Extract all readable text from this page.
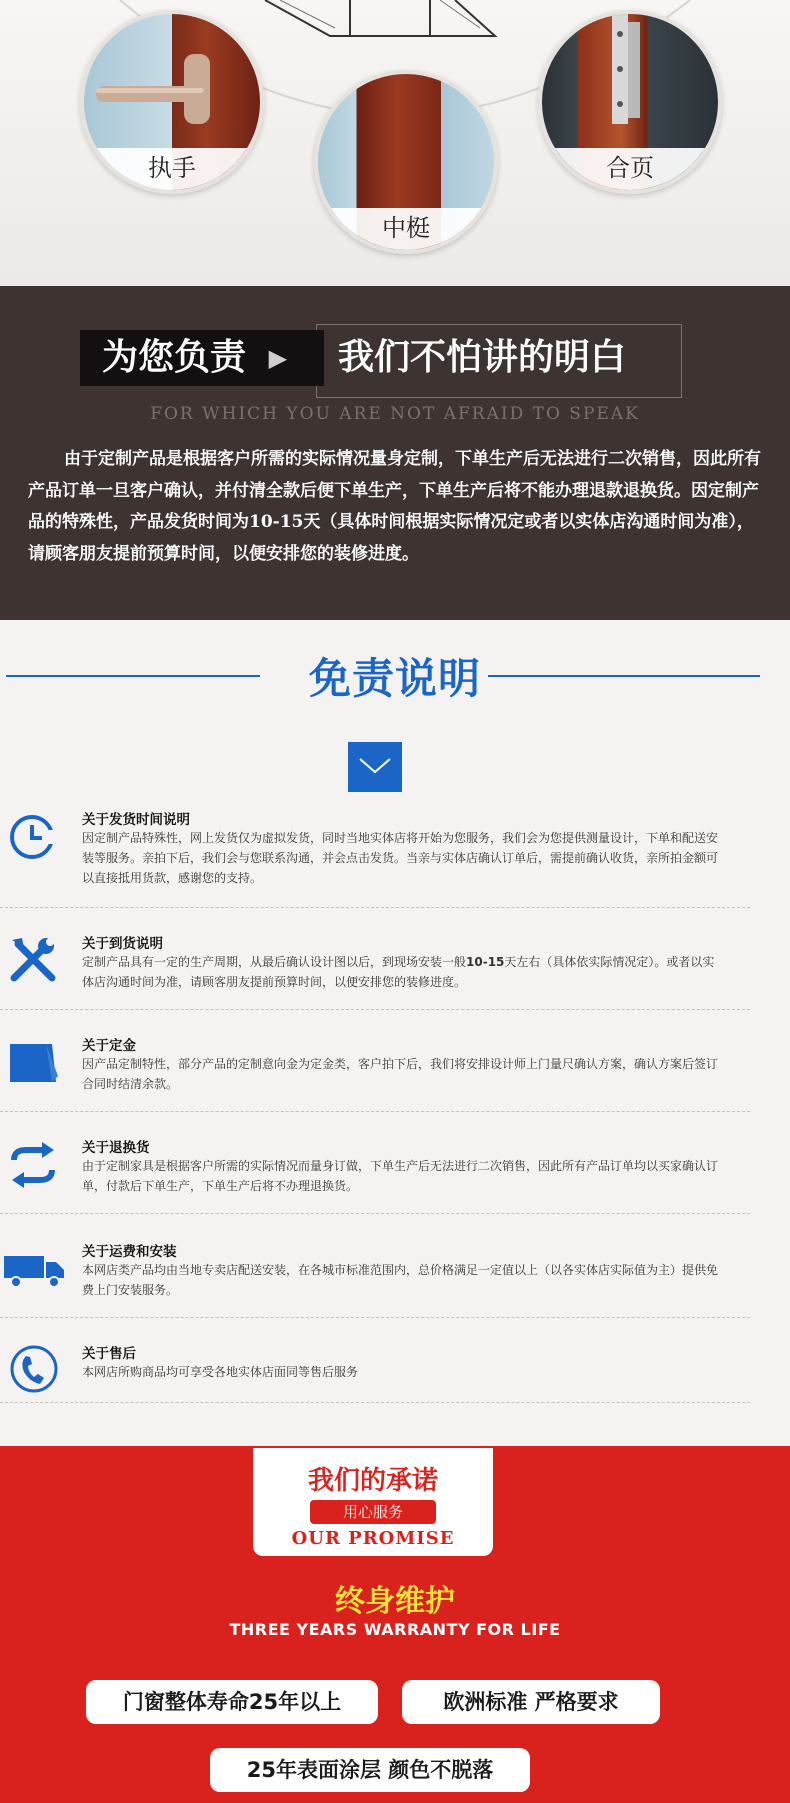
执手
中梃
合页
为您负责 ▶	我们不怕讲的明白
FOR WHICH YOU ARE NOT AFRAID TO SPEAK
由于定制产品是根据客户所需的实际情况量身定制，下单生产后无法进行二次销售，因此所有产品订单一旦客户确认，并付清全款后便下单生产，下单生产后将不能办理退款退换货。因定制产品的特殊性，产品发货时间为10-15天（具体时间根据实际情况定或者以实体店沟通时间为准），请顾客朋友提前预算时间，以便安排您的装修进度。
免责说明
关于发货时间说明
因定制产品特殊性，网上发货仅为虚拟发货，同时当地实体店将开始为您服务，我们会为您提供测量设计，下单和配送安装等服务。亲拍下后，我们会与您联系沟通，并会点击发货。当亲与实体店确认订单后，需提前确认收货，亲所拍金额可以直接抵用货款，感谢您的支持。
关于到货说明
定制产品具有一定的生产周期，从最后确认设计图以后，到现场安装一般10-15天左右（具体依实际情况定）。或者以实体店沟通时间为准，请顾客朋友提前预算时间，以便安排您的装修进度。
关于定金
因产品定制特性，部分产品的定制意向金为定金类，客户拍下后，我们将安排设计师上门量尺确认方案，确认方案后签订合同时结清余款。
关于退换货
由于定制家具是根据客户所需的实际情况而量身订做，下单生产后无法进行二次销售，因此所有产品订单均以买家确认订单，付款后下单生产，下单生产后将不办理退换货。
关于运费和安装
本网店类产品均由当地专卖店配送安装，在各城市标准范围内，总价格满足一定值以上（以各实体店实际值为主）提供免费上门安装服务。
关于售后
本网店所购商品均可享受各地实体店面同等售后服务
我们的承诺
用心服务
OUR PROMISE
终身维护
THREE YEARS WARRANTY FOR LIFE
门窗整体寿命25年以上	欧洲标准 严格要求
25年表面涂层 颜色不脱落
